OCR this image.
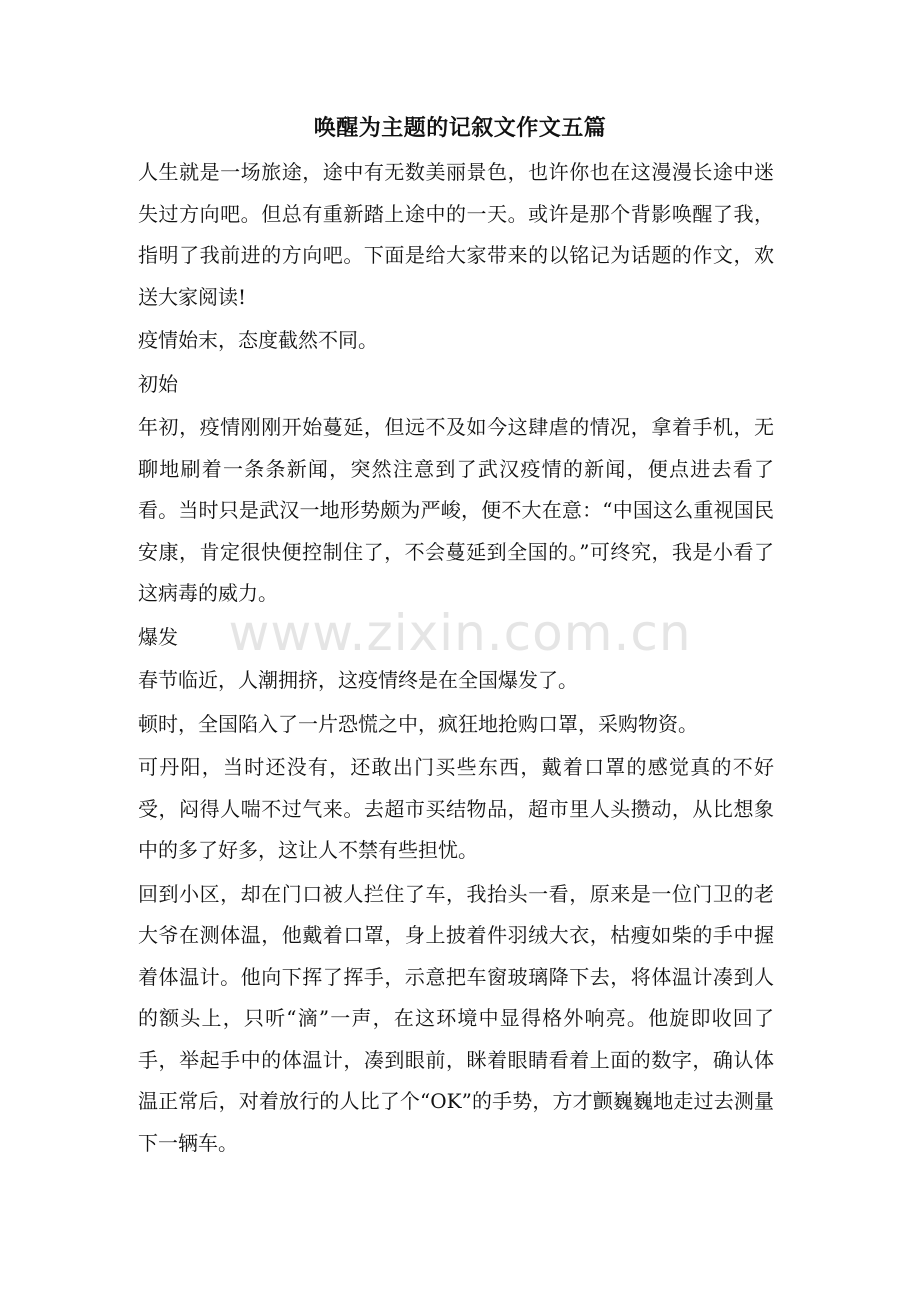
唤醒为主题的记叙文作文五篇

人生就是一场旅途，途中有无数美丽景色，也许你也在这漫漫长途中迷失过方向吧。但总有重新踏上途中的一天。或许是那个背影唤醒了我，指明了我前进的方向吧。下面是给大家带来的以铭记为话题的作文，欢送大家阅读!

疫情始末，态度截然不同。

初始

年初，疫情刚刚开始蔓延，但远不及如今这肆虐的情况，拿着手机，无聊地刷着一条条新闻，突然注意到了武汉疫情的新闻，便点进去看了看。当时只是武汉一地形势颇为严峻，便不大在意：“中国这么重视国民安康，肯定很快便控制住了，不会蔓延到全国的。”可终究，我是小看了这病毒的威力。

爆发

春节临近，人潮拥挤，这疫情终是在全国爆发了。

顿时，全国陷入了一片恐慌之中，疯狂地抢购口罩，采购物资。

可丹阳，当时还没有，还敢出门买些东西，戴着口罩的感觉真的不好受，闷得人喘不过气来。去超市买结物品，超市里人头攒动，从比想象中的多了好多，这让人不禁有些担忧。

回到小区，却在门口被人拦住了车，我抬头一看，原来是一位门卫的老大爷在测体温，他戴着口罩，身上披着件羽绒大衣，枯瘦如柴的手中握着体温计。他向下挥了挥手，示意把车窗玻璃降下去，将体温计凑到人的额头上，只听“滴”一声，在这环境中显得格外响亮。他旋即收回了手，举起手中的体温计，凑到眼前，眯着眼睛看着上面的数字，确认体温正常后，对着放行的人比了个“OK”的手势，方才颤巍巍地走过去测量下一辆车。

www.zixin.com.cn
